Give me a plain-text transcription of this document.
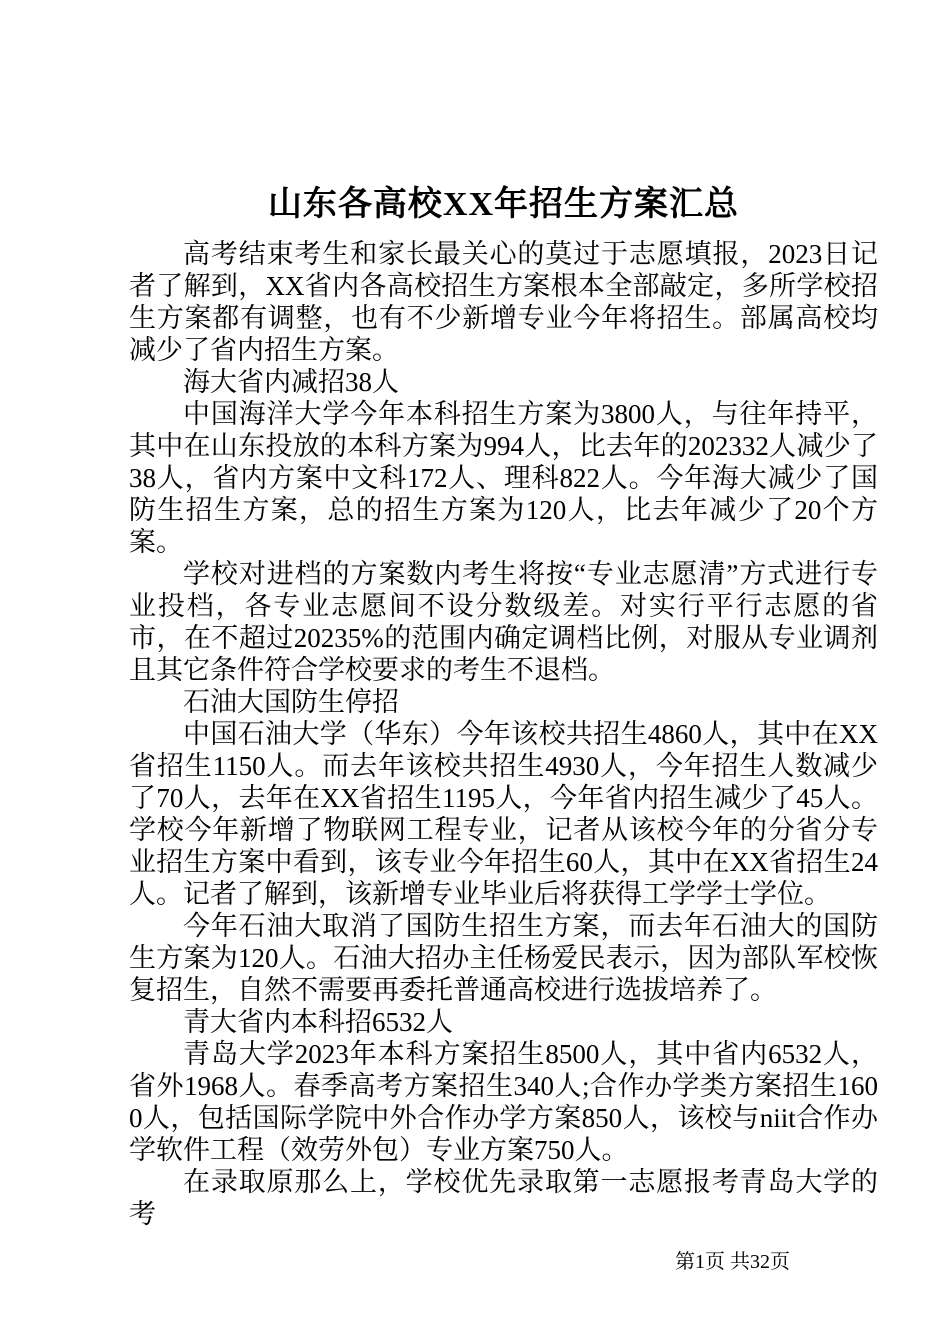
山东各高校XX年招生方案汇总

高考结束考生和家长最关心的莫过于志愿填报，2023日记者了解到，XX省内各高校招生方案根本全部敲定，多所学校招生方案都有调整，也有不少新增专业今年将招生。部属高校均减少了省内招生方案。

海大省内减招38人

中国海洋大学今年本科招生方案为3800人，与往年持平，其中在山东投放的本科方案为994人，比去年的202332人减少了38人，省内方案中文科172人、理科822人。今年海大减少了国防生招生方案，总的招生方案为120人，比去年减少了20个方案。

学校对进档的方案数内考生将按“专业志愿清”方式进行专业投档，各专业志愿间不设分数级差。对实行平行志愿的省市，在不超过20235%的范围内确定调档比例，对服从专业调剂且其它条件符合学校要求的考生不退档。

石油大国防生停招

中国石油大学（华东）今年该校共招生4860人，其中在XX省招生1150人。而去年该校共招生4930人，今年招生人数减少了70人，去年在XX省招生1195人，今年省内招生减少了45人。学校今年新增了物联网工程专业，记者从该校今年的分省分专业招生方案中看到，该专业今年招生60人，其中在XX省招生24人。记者了解到，该新增专业毕业后将获得工学学士学位。

今年石油大取消了国防生招生方案，而去年石油大的国防生方案为120人。石油大招办主任杨爱民表示，因为部队军校恢复招生，自然不需要再委托普通高校进行选拔培养了。

青大省内本科招6532人

青岛大学2023年本科方案招生8500人，其中省内6532人，省外1968人。春季高考方案招生340人;合作办学类方案招生1600人，包括国际学院中外合作办学方案850人，该校与niit合作办学软件工程（效劳外包）专业方案750人。

在录取原那么上，学校优先录取第一志愿报考青岛大学的考

第1页 共32页
